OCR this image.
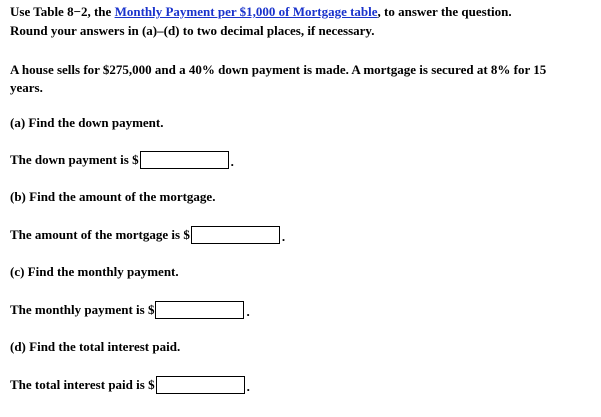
Use Table 8−2, the Monthly Payment per $1,000 of Mortgage table, to answer the question.
Round your answers in (a)–(d) to two decimal places, if necessary.
A house sells for $275,000 and a 40% down payment is made. A mortgage is secured at 8% for 15
years.
(a) Find the down payment.
The down payment is $	.
(b) Find the amount of the mortgage.
The amount of the mortgage is $	.
(c) Find the monthly payment.
The monthly payment is $	.
(d) Find the total interest paid.
The total interest paid is $	.
